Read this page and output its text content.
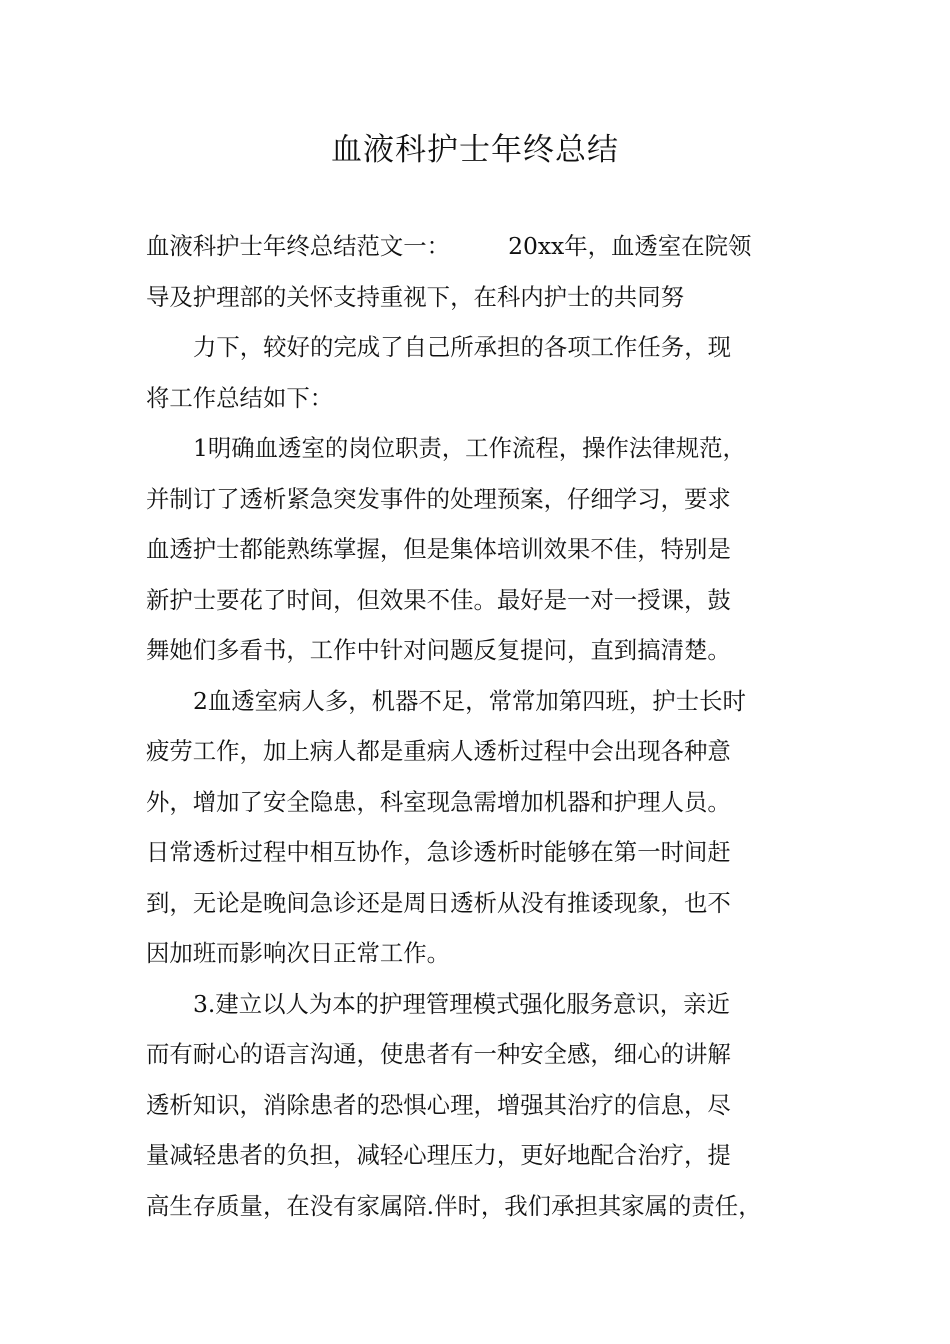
血液科护士年终总结

血液科护士年终总结范文一： 20xx年，血透室在院领

导及护理部的关怀支持重视下，在科内护士的共同努

力下，较好的完成了自己所承担的各项工作任务，现

将工作总结如下：

1明确血透室的岗位职责，工作流程，操作法律规范，

并制订了透析紧急突发事件的处理预案，仔细学习，要求

血透护士都能熟练掌握，但是集体培训效果不佳，特别是

新护士要花了时间，但效果不佳。最好是一对一授课，鼓

舞她们多看书，工作中针对问题反复提问，直到搞清楚。

2血透室病人多，机器不足，常常加第四班，护士长时

疲劳工作，加上病人都是重病人透析过程中会出现各种意

外，增加了安全隐患，科室现急需增加机器和护理人员。

日常透析过程中相互协作，急诊透析时能够在第一时间赶

到，无论是晚间急诊还是周日透析从没有推诿现象，也不

因加班而影响次日正常工作。

3.建立以人为本的护理管理模式强化服务意识，亲近

而有耐心的语言沟通，使患者有一种安全感，细心的讲解

透析知识，消除患者的恐惧心理，增强其治疗的信息，尽

量减轻患者的负担，减轻心理压力，更好地配合治疗，提

高生存质量，在没有家属陪.伴时，我们承担其家属的责任，
